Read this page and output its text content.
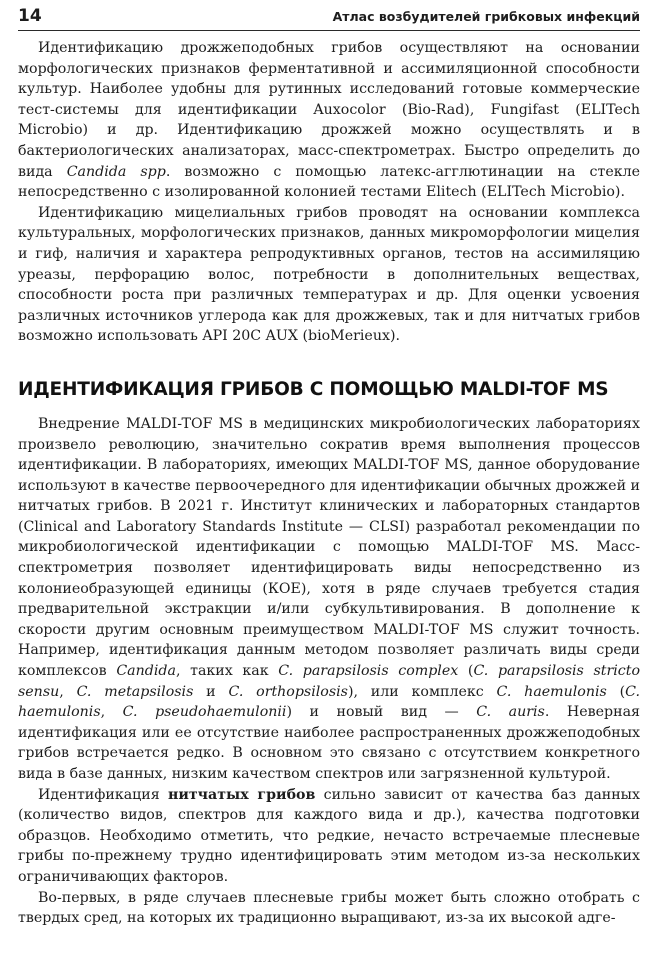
14	Атлас возбудителей грибковых инфекций

Идентификацию дрожжеподобных грибов осуществляют на основании морфологических признаков ферментативной и ассимиляционной способности культур. Наиболее удобны для рутинных исследований готовые коммерческие тест-системы для идентификации Auxocolor (Bio-Rad), Fungifast (ELITech Microbio) и др. Идентификацию дрожжей можно осуществлять и в бактериологических анализаторах, масс-спектрометрах. Быстро определить до вида Candida spp. возможно с помощью латекс-агглютинации на стекле непосредственно с изолированной колонией тестами Elitech (ELITech Microbio).

Идентификацию мицелиальных грибов проводят на основании комплекса культуральных, морфологических признаков, данных микроморфологии мицелия и гиф, наличия и характера репродуктивных органов, тестов на ассимиляцию уреазы, перфорацию волос, потребности в дополнительных веществах, способности роста при различных температурах и др. Для оценки усвоения различных источников углерода как для дрожжевых, так и для нитчатых грибов возможно использовать API 20C AUX (bioMerieux).

ИДЕНТИФИКАЦИЯ ГРИБОВ С ПОМОЩЬЮ MALDI-TOF MS

Внедрение MALDI-TOF MS в медицинских микробиологических лабораториях произвело революцию, значительно сократив время выполнения процессов идентификации. В лабораториях, имеющих MALDI-TOF MS, данное оборудование используют в качестве первоочередного для идентификации обычных дрожжей и нитчатых грибов. В 2021 г. Институт клинических и лабораторных стандартов (Clinical and Laboratory Standards Institute — CLSI) разработал рекомендации по микробиологической идентификации с помощью MALDI-TOF MS. Масс-спектрометрия позволяет идентифицировать виды непосредственно из колониеобразующей единицы (КОЕ), хотя в ряде случаев требуется стадия предварительной экстракции и/или субкультивирования. В дополнение к скорости другим основным преимуществом MALDI-TOF MS служит точность. Например, идентификация данным методом позволяет различать виды среди комплексов Candida, таких как C. parapsilosis complex (C. parapsilosis stricto sensu, C. metapsilosis и C. orthopsilosis), или комплекс C. haemulonis (C. haemulonis, C. pseudohaemulonii) и новый вид — C. auris. Неверная идентификация или ее отсутствие наиболее распространенных дрожжеподобных грибов встречается редко. В основном это связано с отсутствием конкретного вида в базе данных, низким качеством спектров или загрязненной культурой.

Идентификация нитчатых грибов сильно зависит от качества баз данных (количество видов, спектров для каждого вида и др.), качества подготовки образцов. Необходимо отметить, что редкие, нечасто встречаемые плесневые грибы по-прежнему трудно идентифицировать этим методом из-за нескольких ограничивающих факторов.

Во-первых, в ряде случаев плесневые грибы может быть сложно отобрать с твердых сред, на которых их традиционно выращивают, из-за их высокой адге-
